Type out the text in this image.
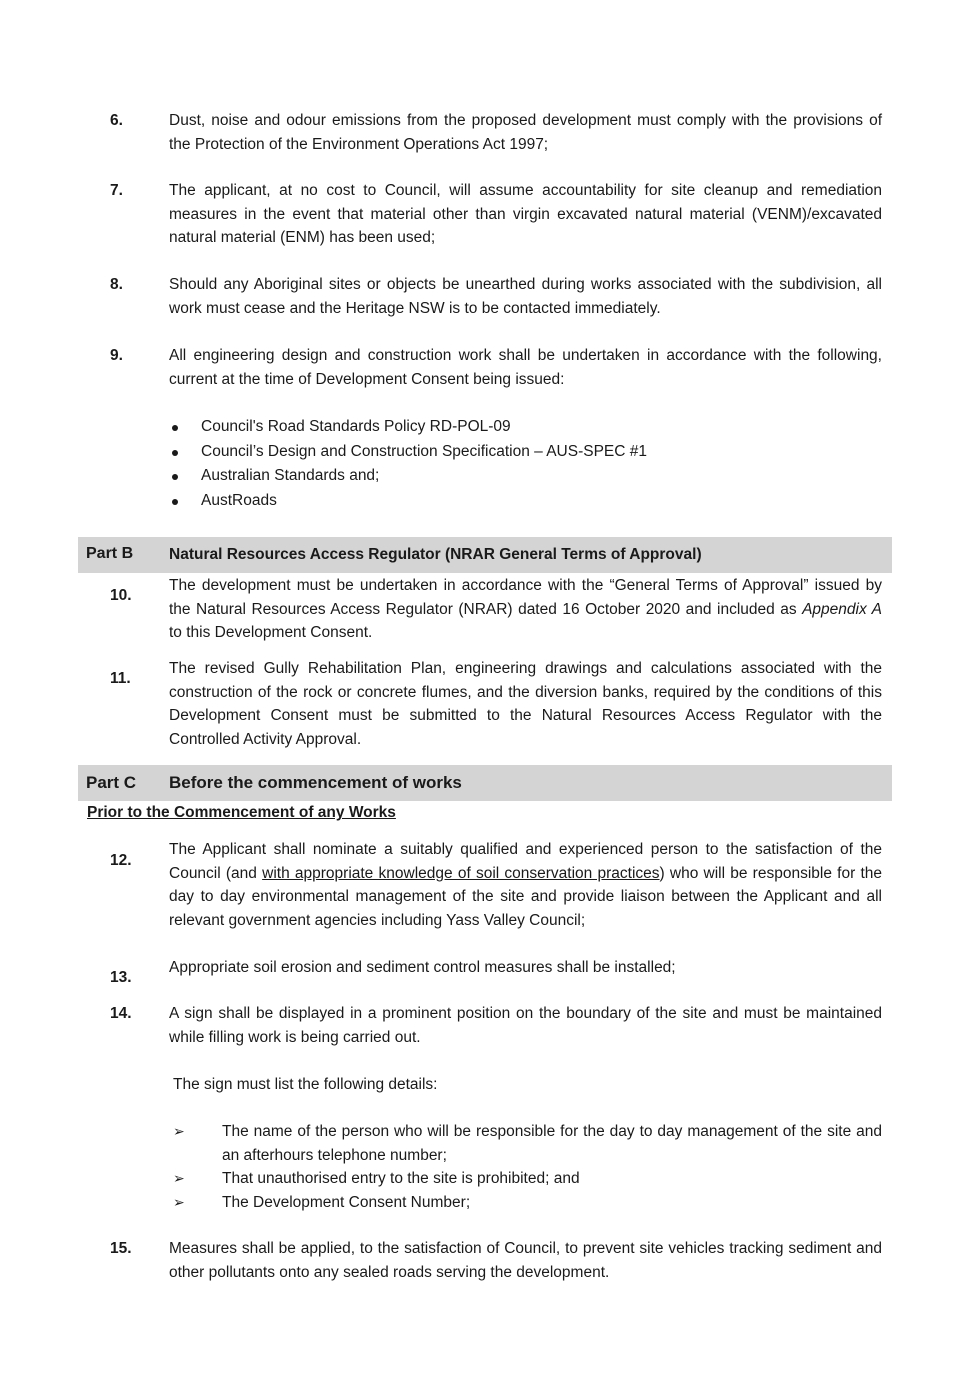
6.	Dust, noise and odour emissions from the proposed development must comply with the provisions of the Protection of the Environment Operations Act 1997;
7.	The applicant, at no cost to Council, will assume accountability for site cleanup and remediation measures in the event that material other than virgin excavated natural material (VENM)/excavated natural material (ENM) has been used;
8.	Should any Aboriginal sites or objects be unearthed during works associated with the subdivision, all work must cease and the Heritage NSW is to be contacted immediately.
9.	All engineering design and construction work shall be undertaken in accordance with the following, current at the time of Development Consent being issued:
Council's Road Standards Policy RD-POL-09
Council’s Design and Construction Specification – AUS-SPEC #1
Australian Standards and;
AustRoads
Part B Natural Resources Access Regulator (NRAR General Terms of Approval)
10.
The development must be undertaken in accordance with the “General Terms of Approval” issued by the Natural Resources Access Regulator (NRAR) dated 16 October 2020 and included as Appendix A to this Development Consent.
11.
The revised Gully Rehabilitation Plan, engineering drawings and calculations associated with the construction of the rock or concrete flumes, and the diversion banks, required by the conditions of this Development Consent must be submitted to the Natural Resources Access Regulator with the Controlled Activity Approval.
Part C Before the commencement of works
Prior to the Commencement of any Works
12.
The Applicant shall nominate a suitably qualified and experienced person to the satisfaction of the Council (and with appropriate knowledge of soil conservation practices) who will be responsible for the day to day environmental management of the site and provide liaison between the Applicant and all relevant government agencies including Yass Valley Council;
13.
Appropriate soil erosion and sediment control measures shall be installed;
14. A sign shall be displayed in a prominent position on the boundary of the site and must be maintained while filling work is being carried out.
The sign must list the following details:
➢ The name of the person who will be responsible for the day to day management of the site and an afterhours telephone number;
➢ That unauthorised entry to the site is prohibited; and
➢ The Development Consent Number;
15. Measures shall be applied, to the satisfaction of Council, to prevent site vehicles tracking sediment and other pollutants onto any sealed roads serving the development.
